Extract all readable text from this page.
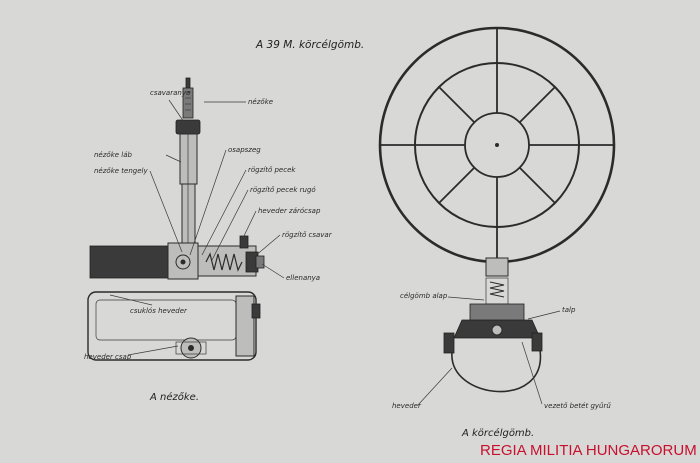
A 39 M. körcélgömb.
csavaranya
nézőke
nézőke láb
nézőke tengely
osapszeg
rögzítő pecek
rögzítő pecek rugó
heveder zárócsap
rögzítő csavar
ellenanya
csuklós heveder
heveder csap
A nézőke.
célgömb alap
talp
heveder	vezető betét gyűrű
A körcélgömb.
REGIA MILITIA HUNGARORUM
